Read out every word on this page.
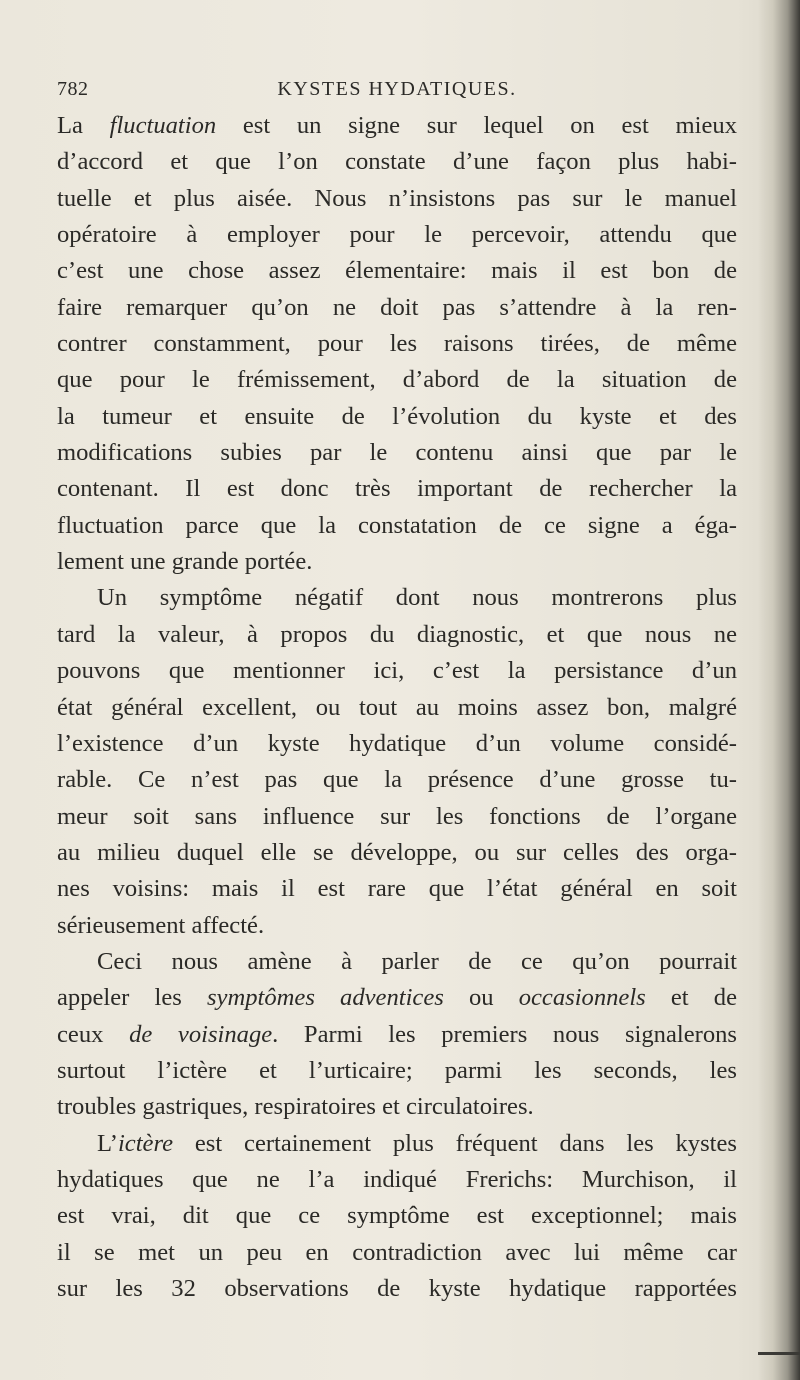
782	KYSTES HYDATIQUES.
La fluctuation est un signe sur lequel on est mieux
d’accord et que l’on constate d’une façon plus habi-
tuelle et plus aisée. Nous n’insistons pas sur le manuel
opératoire à employer pour le percevoir, attendu que
c’est une chose assez élementaire: mais il est bon de
faire remarquer qu’on ne doit pas s’attendre à la ren-
contrer constamment, pour les raisons tirées, de même
que pour le frémissement, d’abord de la situation de
la tumeur et ensuite de l’évolution du kyste et des
modifications subies par le contenu ainsi que par le
contenant. Il est donc très important de rechercher la
fluctuation parce que la constatation de ce signe a éga-
lement une grande portée.
Un symptôme négatif dont nous montrerons plus
tard la valeur, à propos du diagnostic, et que nous ne
pouvons que mentionner ici, c’est la persistance d’un
état général excellent, ou tout au moins assez bon, malgré
l’existence d’un kyste hydatique d’un volume considé-
rable. Ce n’est pas que la présence d’une grosse tu-
meur soit sans influence sur les fonctions de l’organe
au milieu duquel elle se développe, ou sur celles des orga-
nes voisins: mais il est rare que l’état général en soit
sérieusement affecté.
Ceci nous amène à parler de ce qu’on pourrait
appeler les symptômes adventices ou occasionnels et de
ceux de voisinage. Parmi les premiers nous signalerons
surtout l’ictère et l’urticaire; parmi les seconds, les
troubles gastriques, respiratoires et circulatoires.
L’ictère est certainement plus fréquent dans les kystes
hydatiques que ne l’a indiqué Frerichs: Murchison, il
est vrai, dit que ce symptôme est exceptionnel; mais
il se met un peu en contradiction avec lui même car
sur les 32 observations de kyste hydatique rapportées
